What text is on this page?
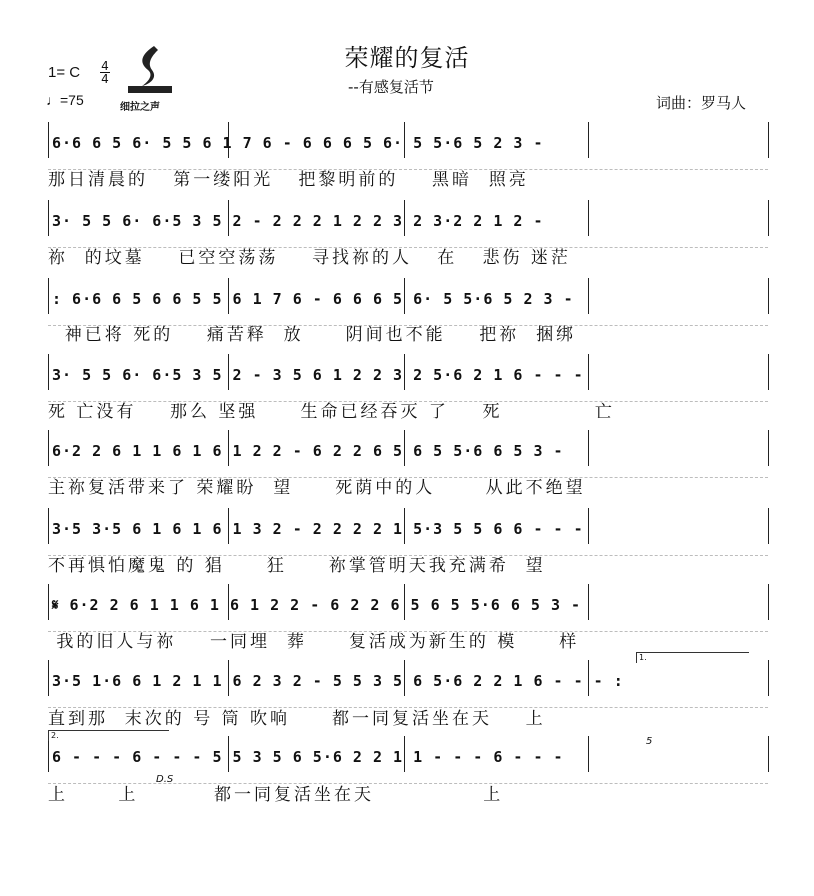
荣耀的复活
--有感复活节
词曲：罗马人
1= C 4
4
♩=75	细拉之声
6·6 6 5 6· 5 5 6 1 7 6 - 6 6 6 5 6· 5 5·6 5 2 3 -
那日清晨的   第一缕阳光   把黎明前的    黑暗  照亮
3· 5 5 6· 6·5 3 5 2 - 2 2 2 1 2 2 3 2 3·2 2 1 2 -
祢  的坟墓    已空空荡荡    寻找祢的人   在   悲伤 迷茫
: 6·6 6 5 6 6 5 5 6 1 7 6 - 6 6 6 5 6· 5 5·6 5 2 3 -
神已将 死的    痛苦释  放     阴间也不能    把祢  捆绑
3· 5 5 6· 6·5 3 5 2 - 3 5 6 1 2 2 3 2 5·6 2 1 6 - - -
死 亡没有    那么 坚强     生命已经吞灭 了    死           亡
6·2 2 6 1 1 6 1 6 1 2 2 - 6 2 2 6 5 6 5 5·6 6 5 3 -
主祢复活带来了 荣耀盼  望     死荫中的人      从此不绝望
3·5 3·5 6 1 6 1 6 1 3 2 - 2 2 2 2 1 5·3 5 5 6 6 - - -
不再惧怕魔鬼 的 猖     狂     祢掌管明天我充满希  望
𝄋 6·2 2 6 1 1 6 1 6 1 2 2 - 6 2 2 6 5 6 5 5·6 6 5 3 -
我的旧人与祢    一同埋  葬     复活成为新生的 模     样
3·5 1·6 6 1 2 1 1 6 2 3 2 - 5 5 3 5 6 5·6 2 2 1 6 - - - :
直到那  末次的 号 筒 吹响     都一同复活坐在天    上
6 - - - 6 - - - 5 5 3 5 6 5·6 2 2 1 1 - - - 6 - - -
上      上         都一同复活坐在天             上
D.S
1.
2.
5
